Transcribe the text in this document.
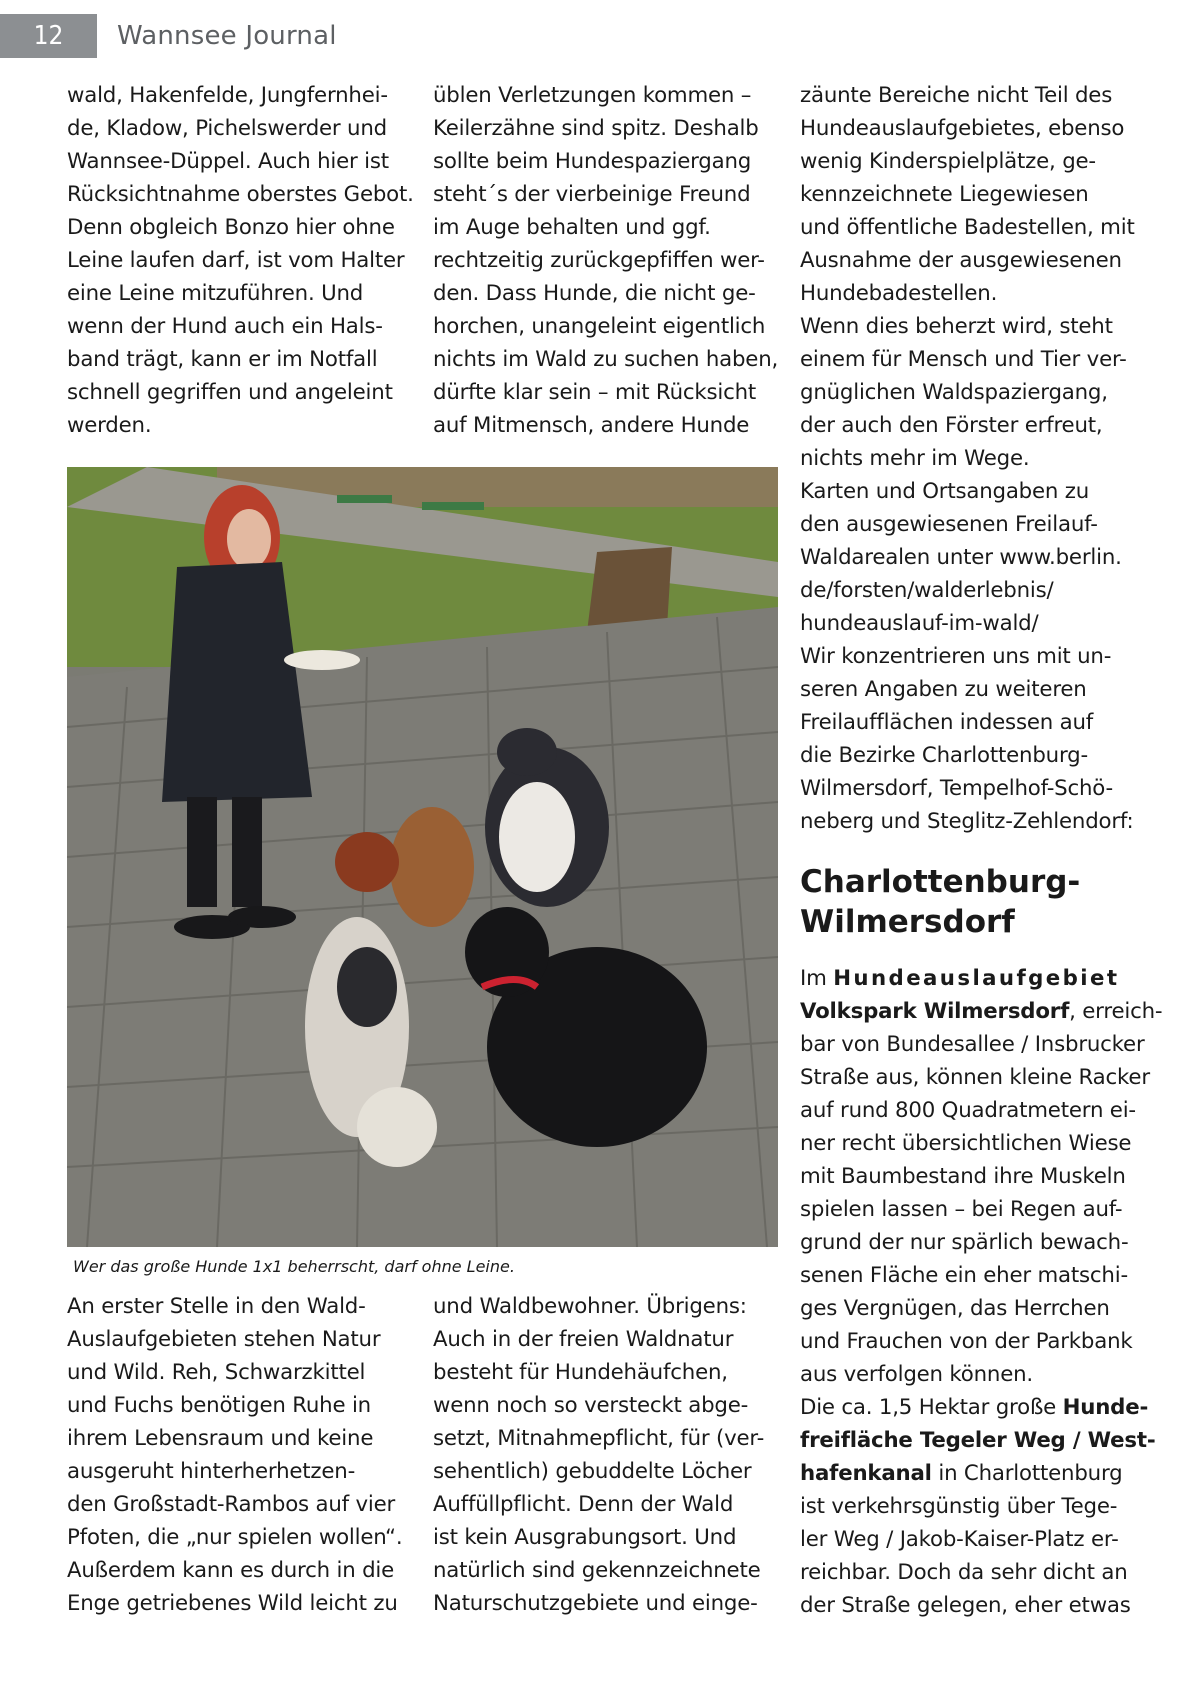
12	Wannsee Journal

wald, Hakenfelde, Jungfernhei-
de, Kladow, Pichelswerder und
Wannsee-Düppel. Auch hier ist
Rücksichtnahme oberstes Gebot.
Denn obgleich Bonzo hier ohne
Leine laufen darf, ist vom Halter
eine Leine mitzuführen. Und
wenn der Hund auch ein Hals-
band trägt, kann er im Notfall
schnell gegriffen und angeleint
werden.

üblen Verletzungen kommen –
Keilerzähne sind spitz. Deshalb
sollte beim Hundespaziergang
steht´s der vierbeinige Freund
im Auge behalten und ggf.
rechtzeitig zurückgepfiffen wer-
den. Dass Hunde, die nicht ge-
horchen, unangeleint eigentlich
nichts im Wald zu suchen haben,
dürfte klar sein – mit Rücksicht
auf Mitmensch, andere Hunde

zäunte Bereiche nicht Teil des
Hundeauslaufgebietes, ebenso
wenig Kinderspielplätze, ge-
kennzeichnete Liegewiesen
und öffentliche Badestellen, mit
Ausnahme der ausgewiesenen
Hundebadestellen.
Wenn dies beherzt wird, steht
einem für Mensch und Tier ver-
gnüglichen Waldspaziergang,
der auch den Förster erfreut,
nichts mehr im Wege.
Karten und Ortsangaben zu
den ausgewiesenen Freilauf-
Waldarealen unter www.berlin.
de/forsten/walderlebnis/
hundeauslauf-im-wald/
Wir konzentrieren uns mit un-
seren Angaben zu weiteren
Freilaufflächen indessen auf
die Bezirke Charlottenburg-
Wilmersdorf, Tempelhof-Schö-
neberg und Steglitz-Zehlendorf:

Charlottenburg-
Wilmersdorf

Im Hundeauslaufgebiet
Volkspark Wilmersdorf, erreich-
bar von Bundesallee / Insbrucker
Straße aus, können kleine Racker
auf rund 800 Quadratmetern ei-
ner recht übersichtlichen Wiese
mit Baumbestand ihre Muskeln
spielen lassen – bei Regen auf-
grund der nur spärlich bewach-
senen Fläche ein eher matschi-
ges Vergnügen, das Herrchen
und Frauchen von der Parkbank
aus verfolgen können.
Die ca. 1,5 Hektar große Hunde-
freifläche Tegeler Weg / West-
hafenkanal in Charlottenburg
ist verkehrsgünstig über Tege-
ler Weg / Jakob-Kaiser-Platz er-
reichbar. Doch da sehr dicht an
der Straße gelegen, eher etwas

Wer das große Hunde 1x1 beherrscht, darf ohne Leine.

An erster Stelle in den Wald-
Auslaufgebieten stehen Natur
und Wild. Reh, Schwarzkittel
und Fuchs benötigen Ruhe in
ihrem Lebensraum und keine
ausgeruht hinterherhetzen-
den Großstadt-Rambos auf vier
Pfoten, die „nur spielen wollen“.
Außerdem kann es durch in die
Enge getriebenes Wild leicht zu

und Waldbewohner. Übrigens:
Auch in der freien Waldnatur
besteht für Hundehäufchen,
wenn noch so versteckt abge-
setzt, Mitnahmepflicht, für (ver-
sehentlich) gebuddelte Löcher
Auffüllpflicht. Denn der Wald
ist kein Ausgrabungsort. Und
natürlich sind gekennzeichnete
Naturschutzgebiete und einge-
